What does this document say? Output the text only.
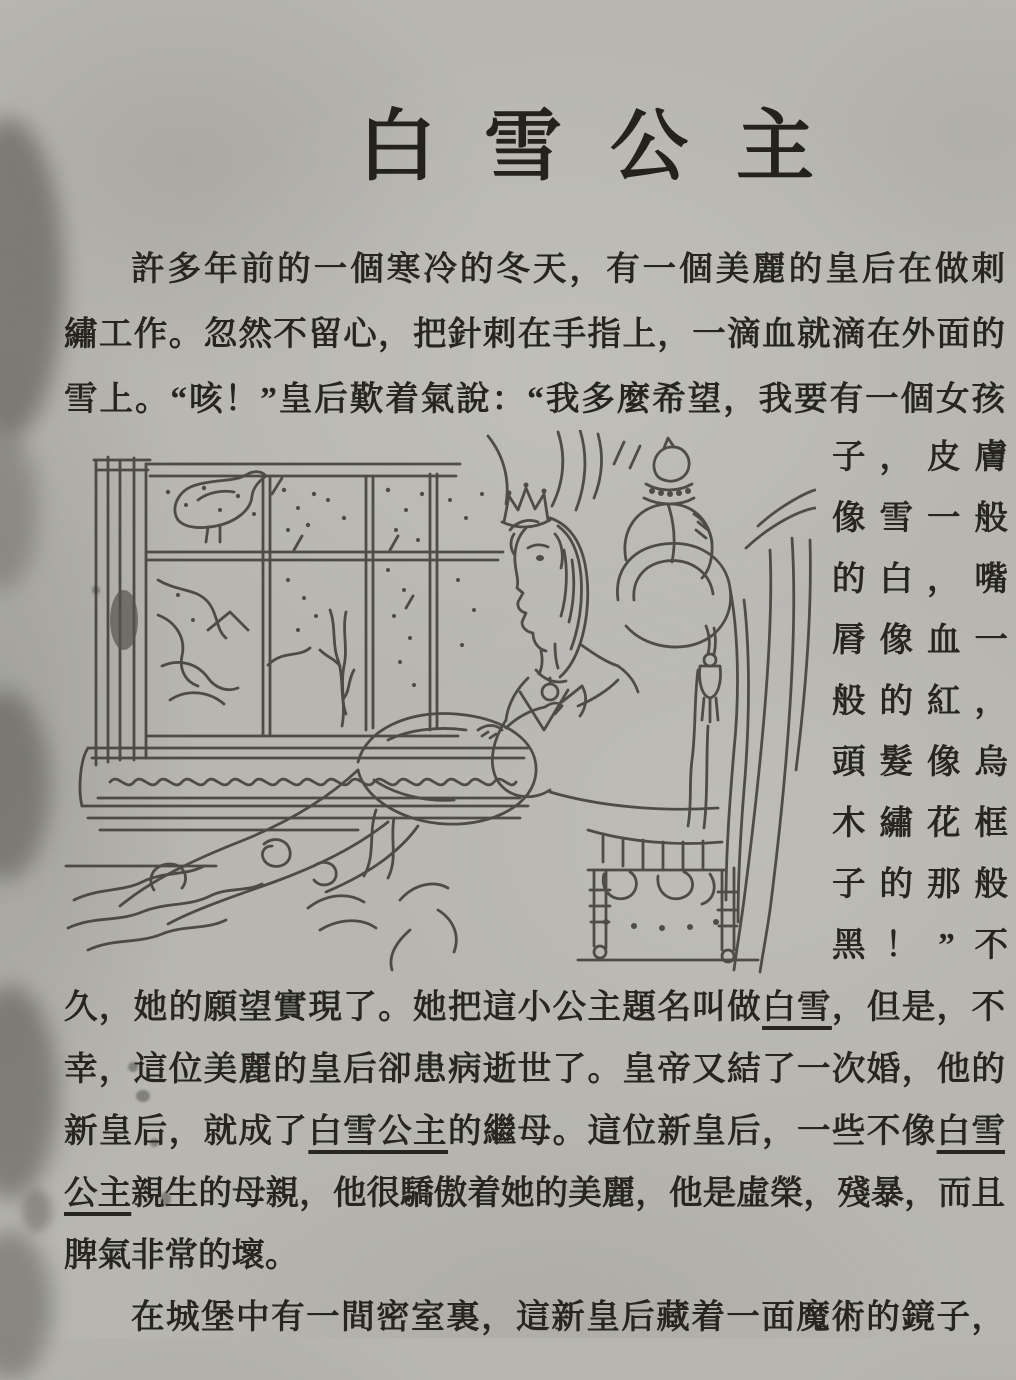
白雪公主
許多年前的一個寒冷的冬天，有一個美麗的皇后在做刺
繡工作。忽然不留心，把針刺在手指上，一滴血就滴在外面的
雪上。“咳！”皇后歎着氣說：“我多麼希望，我要有一個女孩
子，皮膚
像雪一般
的白，嘴
脣像血一
般的紅，
頭髮像烏
木繡花框
子的那般
黑！”不
久，她的願望實現了。她把這小公主題名叫做白雪，但是，不
幸，這位美麗的皇后卻患病逝世了。皇帝又結了一次婚，他的
新皇后，就成了白雪公主的繼母。這位新皇后，一些不像白雪
公主親生的母親，他很驕傲着她的美麗，他是虛榮，殘暴，而且
脾氣非常的壞。
在城堡中有一間密室裏，這新皇后藏着一面魔術的鏡子，
